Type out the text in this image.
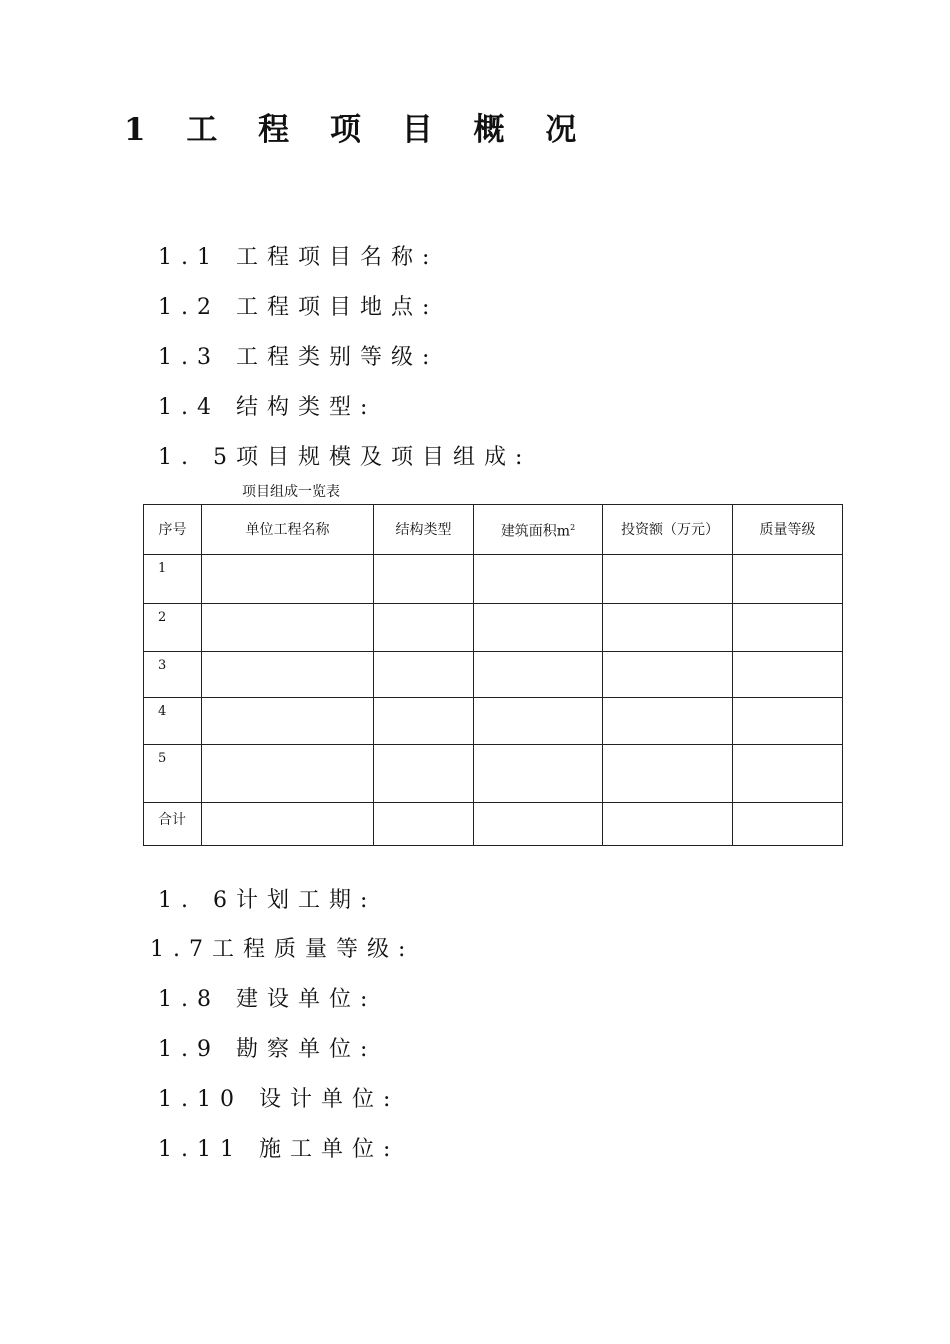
1 工 程 项 目 概 况
1.1 工程项目名称:
1.2 工程项目地点:
1.3 工程类别等级:
1.4 结构类型:
1. 5项目规模及项目组成:
项目组成一览表
序号	单位工程名称	结构类型	建筑面积$m^2$	投资额（万元）	质量等级
1					
2					
3					
4					
5					
合计					
1. 6计划工期:
1.7工程质量等级:
1.8 建设单位:
1.9 勘察单位:
1.10 设计单位:
1.11 施工单位:
